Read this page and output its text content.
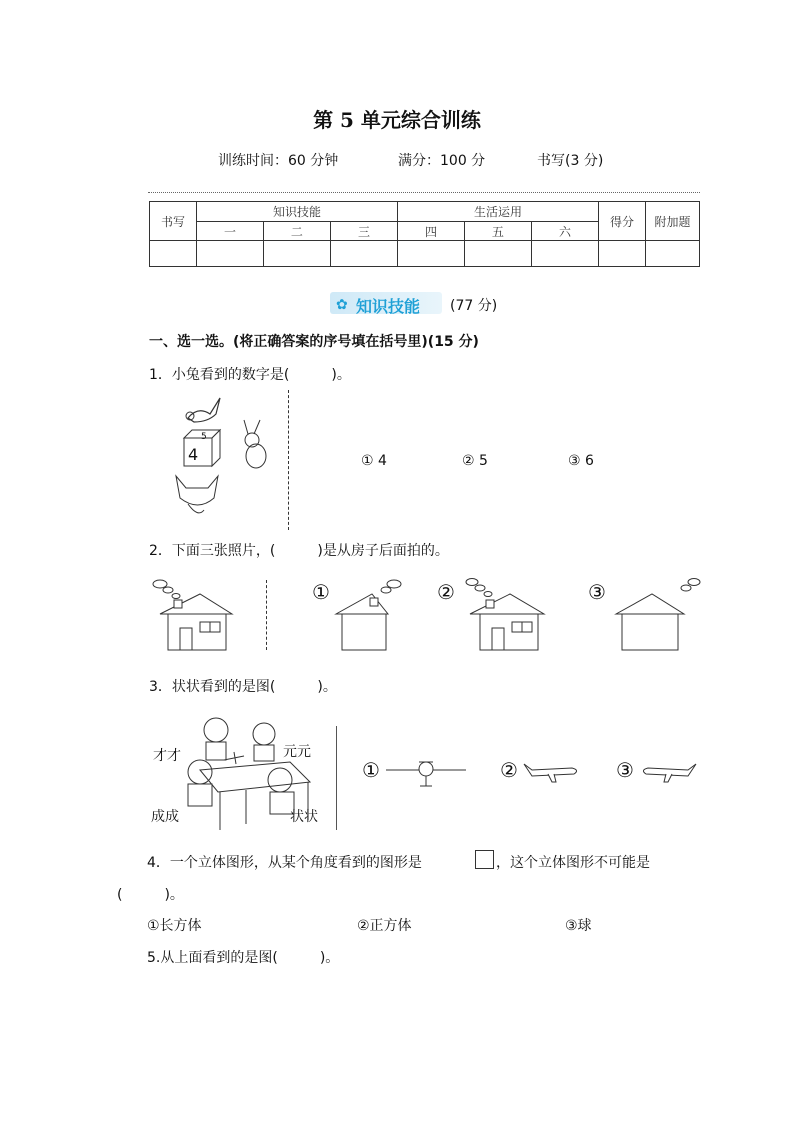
第 5 单元综合训练
训练时间：60 分钟	满分：100 分	书写(3 分)
书写	知识技能			生活运用			得分	附加题
	一	二	三	四	五	六		

✿ 知识技能 (77 分)
一、选一选。(将正确答案的序号填在括号里)(15 分)
1．小兔看到的数字是(　　　)。
4
5
① 4	② 5	③ 6
2．下面三张照片，(　　　)是从房子后面拍的。
①	②	③
3．状状看到的是图(　　　)。
才才	元元
成成	状状
①	②	③
4．一个立体图形，从某个角度看到的图形是	，这个立体图形不可能是
(　　　)。
①长方体	②正方体	③球
5.从上面看到的是图(　　　)。
